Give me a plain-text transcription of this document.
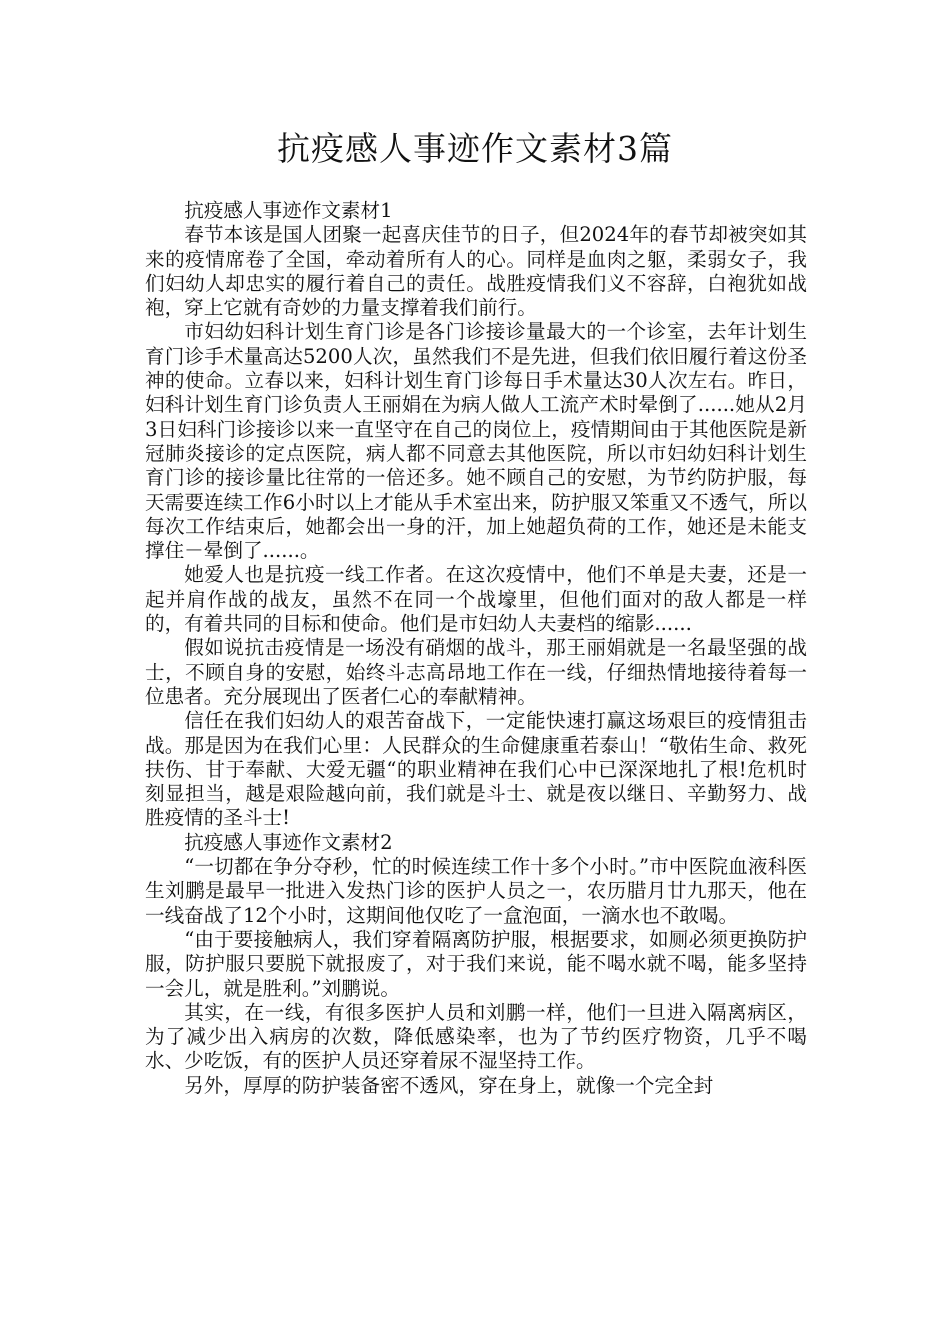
抗疫感人事迹作文素材3篇

抗疫感人事迹作文素材1

春节本该是国人团聚一起喜庆佳节的日子，但2024年的春节却被突如其来的疫情席卷了全国，牵动着所有人的心。同样是血肉之躯，柔弱女子，我们妇幼人却忠实的履行着自己的责任。战胜疫情我们义不容辞，白袍犹如战袍，穿上它就有奇妙的力量支撑着我们前行。

市妇幼妇科计划生育门诊是各门诊接诊量最大的一个诊室，去年计划生育门诊手术量高达5200人次，虽然我们不是先进，但我们依旧履行着这份圣神的使命。立春以来，妇科计划生育门诊每日手术量达30人次左右。昨日，妇科计划生育门诊负责人王丽娟在为病人做人工流产术时晕倒了......她从2月3日妇科门诊接诊以来一直坚守在自己的岗位上，疫情期间由于其他医院是新冠肺炎接诊的定点医院，病人都不同意去其他医院，所以市妇幼妇科计划生育门诊的接诊量比往常的一倍还多。她不顾自己的安慰，为节约防护服，每天需要连续工作6小时以上才能从手术室出来，防护服又笨重又不透气，所以每次工作结束后，她都会出一身的汗，加上她超负荷的工作，她还是未能支撑住－晕倒了......。

她爱人也是抗疫一线工作者。在这次疫情中，他们不单是夫妻，还是一起并肩作战的战友，虽然不在同一个战壕里，但他们面对的敌人都是一样的，有着共同的目标和使命。他们是市妇幼人夫妻档的缩影......

假如说抗击疫情是一场没有硝烟的战斗，那王丽娟就是一名最坚强的战士，不顾自身的安慰，始终斗志高昂地工作在一线，仔细热情地接待着每一位患者。充分展现出了医者仁心的奉献精神。

信任在我们妇幼人的艰苦奋战下，一定能快速打赢这场艰巨的疫情狙击战。那是因为在我们心里：人民群众的生命健康重若泰山！“敬佑生命、救死扶伤、甘于奉献、大爱无疆“的职业精神在我们心中已深深地扎了根!危机时刻显担当，越是艰险越向前，我们就是斗士、就是夜以继日、辛勤努力、战胜疫情的圣斗士!

抗疫感人事迹作文素材2

“一切都在争分夺秒，忙的时候连续工作十多个小时。”市中医院血液科医生刘鹏是最早一批进入发热门诊的医护人员之一，农历腊月廿九那天，他在一线奋战了12个小时，这期间他仅吃了一盒泡面，一滴水也不敢喝。

“由于要接触病人，我们穿着隔离防护服，根据要求，如厕必须更换防护服，防护服只要脱下就报废了，对于我们来说，能不喝水就不喝，能多坚持一会儿，就是胜利。”刘鹏说。

其实，在一线，有很多医护人员和刘鹏一样，他们一旦进入隔离病区，为了减少出入病房的次数，降低感染率，也为了节约医疗物资，几乎不喝水、少吃饭，有的医护人员还穿着尿不湿坚持工作。

另外，厚厚的防护装备密不透风，穿在身上，就像一个完全封
